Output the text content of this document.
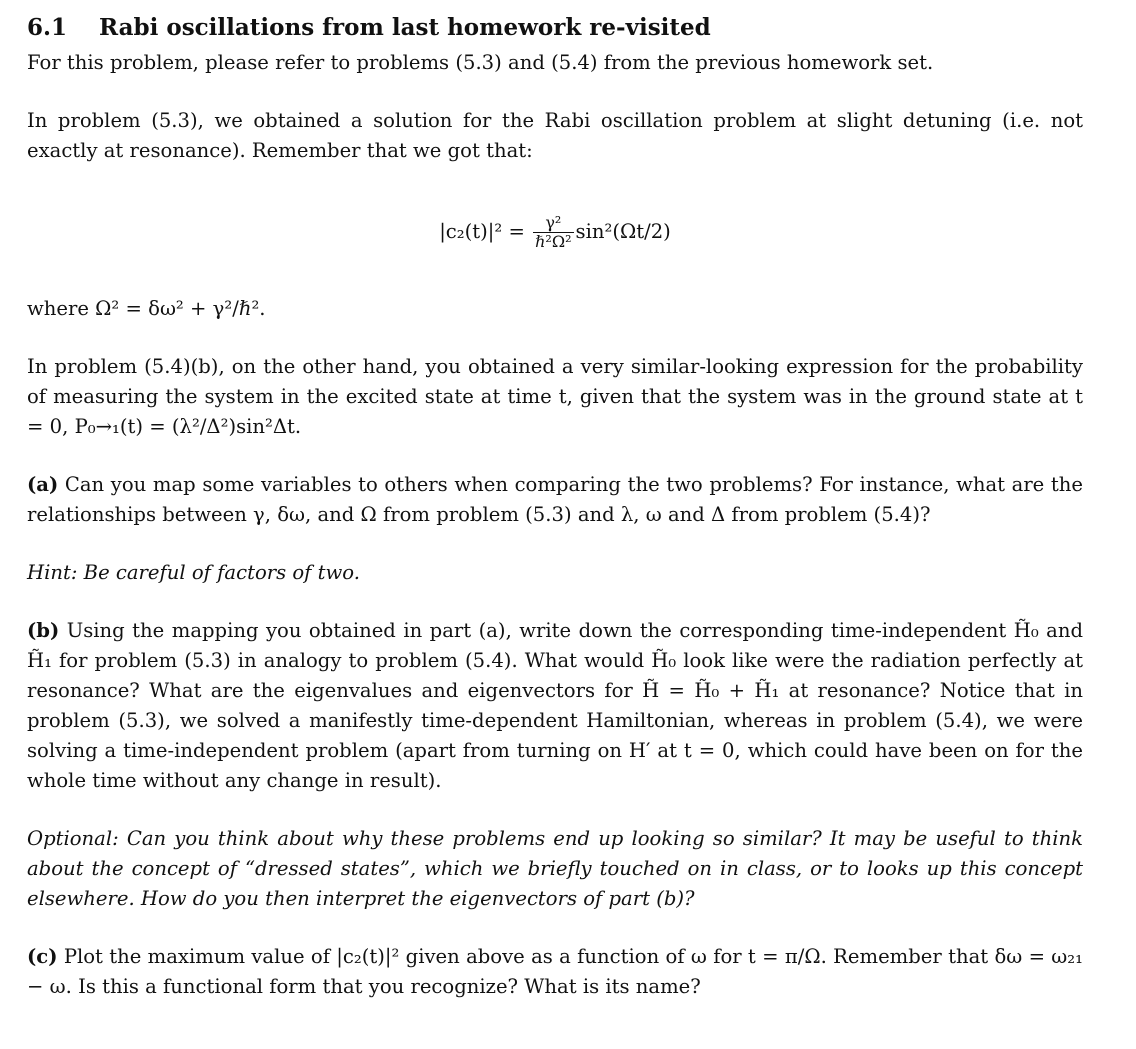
6.1 Rabi oscillations from last homework re-visited

For this problem, please refer to problems (5.3) and (5.4) from the previous homework set.

In problem (5.3), we obtained a solution for the Rabi oscillation problem at slight detuning (i.e. not exactly at resonance). Remember that we got that:

$|c_2(t)|^2 = \frac{\text{γ²}}{\text{ℏ²Ω²}} \sin^2(\Omega t/2)$

where Ω² = δω² + γ²/ℏ².

In problem (5.4)(b), on the other hand, you obtained a very similar-looking expression for the probability of measuring the system in the excited state at time t, given that the system was in the ground state at t = 0, P₀→₁(t) = (λ²/Δ²)sin²Δt.

(a) Can you map some variables to others when comparing the two problems? For instance, what are the relationships between γ, δω, and Ω from problem (5.3) and λ, ω and Δ from problem (5.4)?

Hint: Be careful of factors of two.

(b) Using the mapping you obtained in part (a), write down the corresponding time-independent H̃₀ and H̃₁ for problem (5.3) in analogy to problem (5.4). What would H̃₀ look like were the radiation perfectly at resonance? What are the eigenvalues and eigenvectors for H̃ = H̃₀ + H̃₁ at resonance? Notice that in problem (5.3), we solved a manifestly time-dependent Hamiltonian, whereas in problem (5.4), we were solving a time-independent problem (apart from turning on H′ at t = 0, which could have been on for the whole time without any change in result).

Optional: Can you think about why these problems end up looking so similar? It may be useful to think about the concept of “dressed states”, which we briefly touched on in class, or to looks up this concept elsewhere. How do you then interpret the eigenvectors of part (b)?

(c) Plot the maximum value of |c₂(t)|² given above as a function of ω for t = π/Ω. Remember that δω = ω₂₁ − ω. Is this a functional form that you recognize? What is its name?
